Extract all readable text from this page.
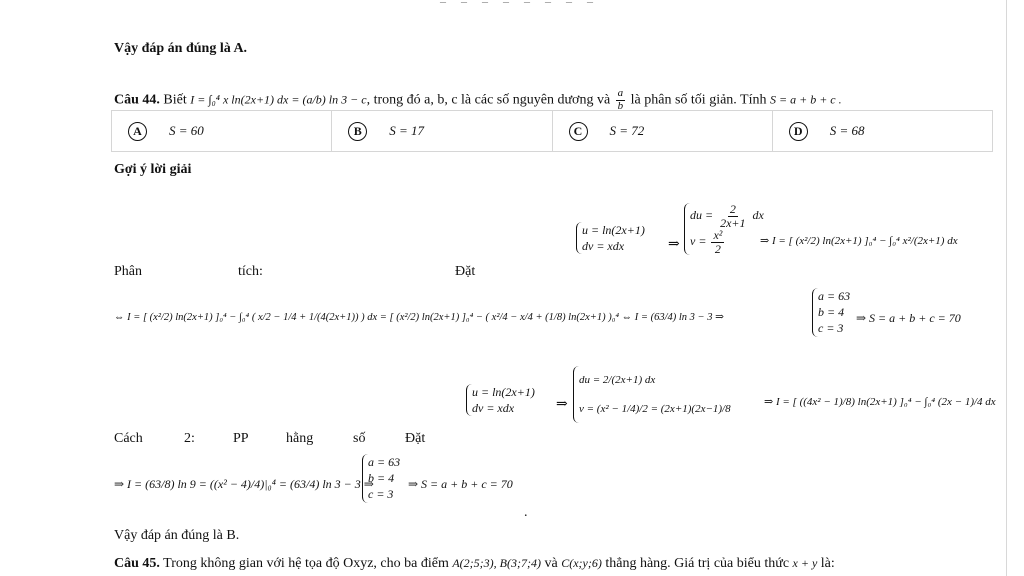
– – – – – – – –
Vậy đáp án đúng là A.
Câu 44. Biết I = ∫₀⁴ x ln(2x+1) dx = (a/b) ln 3 − c, trong đó a, b, c là các số nguyên dương và $\frac{a}{b}$ là phân số tối giản. Tính S = a + b + c .
A	S = 60	B	S = 17	C	S = 72	D	S = 68
Gợi ý lời giải
Phân	tích:	Đặt
u = ln(2x+1)
dv = xdx	⇒
du = $\frac{2}{2x+1}$ dx
$v = \frac{\text{x²}}{2}$	⇒ I = [ (x²/2) ln(2x+1) ]₀⁴ − ∫₀⁴ x²/(2x+1) dx
⇔ I = [ (x²/2) ln(2x+1) ]₀⁴ − ∫₀⁴ ( x/2 − 1/4 + 1/(4(2x+1)) ) dx = [ (x²/2) ln(2x+1) ]₀⁴ − ( x²/4 − x/4 + (1/8) ln(2x+1) )₀⁴ ⇔ I = (63/4) ln 3 − 3 ⇒
a = 63
b = 4
c = 3
⇒ S = a + b + c = 70
Cách	2:	PP	hằng	số	Đặt
u = ln(2x+1)
dv = xdx	⇒
du = 2/(2x+1) dx
v = (x² − 1/4)/2 = (2x+1)(2x−1)/8
⇒ I = [ ((4x² − 1)/8) ln(2x+1) ]₀⁴ − ∫₀⁴ (2x − 1)/4 dx
⇒ I = (63/8) ln 9 = ((x² − 4)/4)|₀⁴ = (63/4) ln 3 − 3 ⇒
a = 63
b = 4
c = 3
⇒ S = a + b + c = 70
.
Vậy đáp án đúng là B.
Câu 45. Trong không gian với hệ tọa độ Oxyz, cho ba điểm A(2;5;3), B(3;7;4) và C(x;y;6) thẳng hàng. Giá trị của biểu thức x + y là:
